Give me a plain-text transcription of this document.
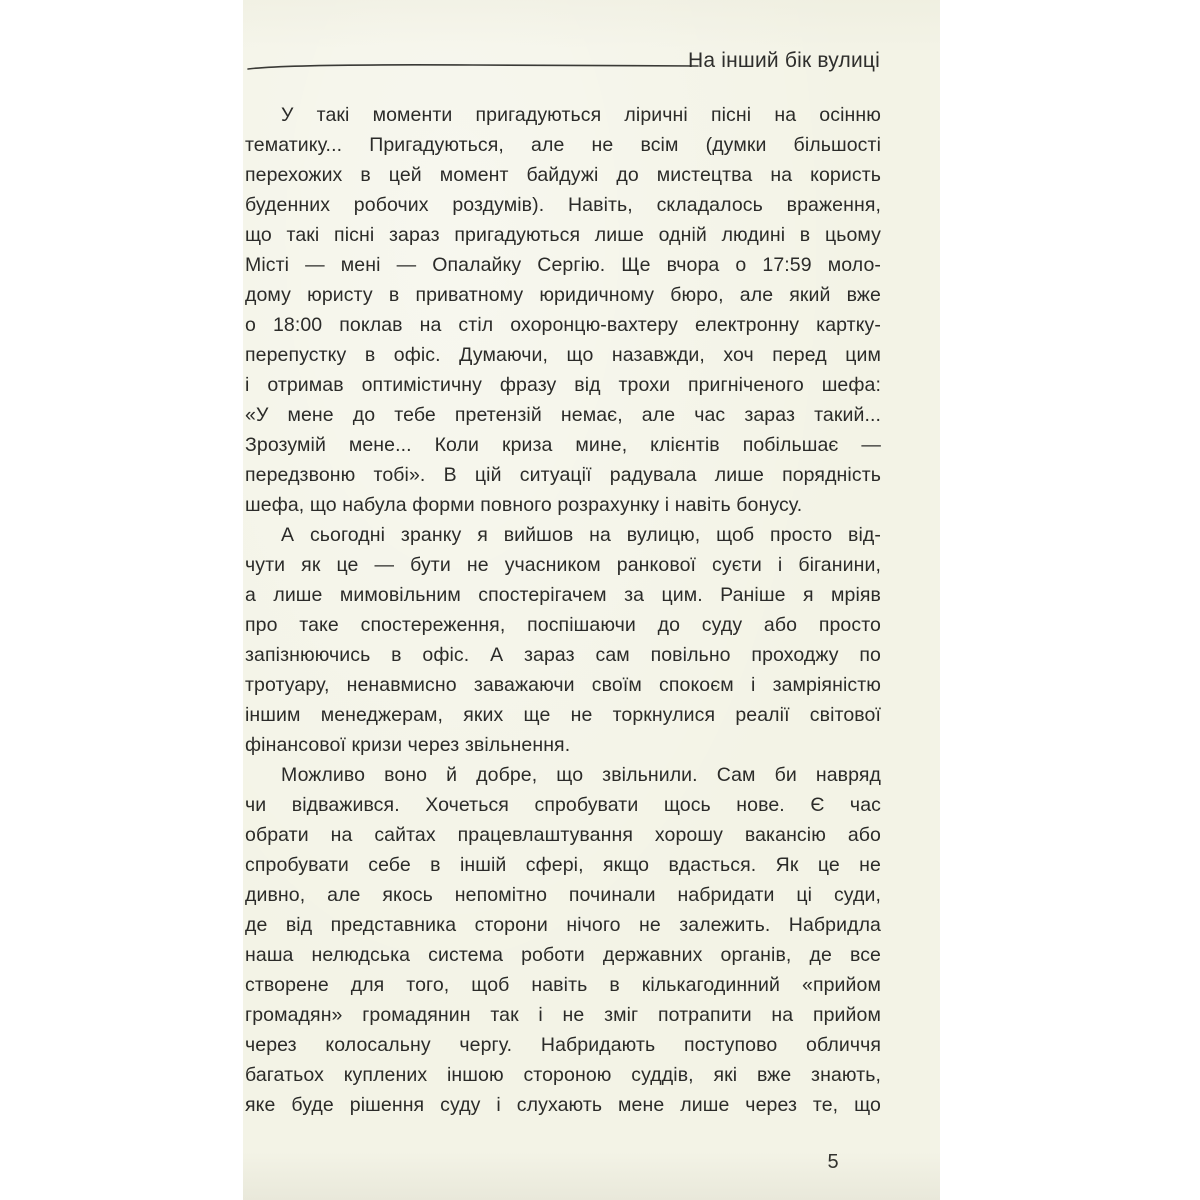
На інший бік вулиці
У такі моменти пригадуються ліричні пісні на осінню
тематику... Пригадуються, але не всім (думки більшості
перехожих в цей момент байдужі до мистецтва на користь
буденних робочих роздумів). Навіть, складалось враження,
що такі пісні зараз пригадуються лише одній людині в цьому
Місті — мені — Опалайку Сергію. Ще вчора о 17:59 моло-
дому юристу в приватному юридичному бюро, але який вже
о 18:00 поклав на стіл охоронцю-вахтеру електронну картку-
перепустку в офіс. Думаючи, що назавжди, хоч перед цим
і отримав оптимістичну фразу від трохи пригніченого шефа:
«У мене до тебе претензій немає, але час зараз такий...
Зрозумій мене... Коли криза мине, клієнтів побільшає —
передзвоню тобі». В цій ситуації радувала лише порядність
шефа, що набула форми повного розрахунку і навіть бонусу.
А сьогодні зранку я вийшов на вулицю, щоб просто від-
чути як це — бути не учасником ранкової суєти і біганини,
а лише мимовільним спостерігачем за цим. Раніше я мріяв
про таке спостереження, поспішаючи до суду або просто
запізнюючись в офіс. А зараз сам повільно проходжу по
тротуару, ненавмисно заважаючи своїм спокоєм і замріяністю
іншим менеджерам, яких ще не торкнулися реалії світової
фінансової кризи через звільнення.
Можливо воно й добре, що звільнили. Сам би навряд
чи відважився. Хочеться спробувати щось нове. Є час
обрати на сайтах працевлаштування хорошу вакансію або
спробувати себе в іншій сфері, якщо вдасться. Як це не
дивно, але якось непомітно починали набридати ці суди,
де від представника сторони нічого не залежить. Набридла
наша нелюдська система роботи державних органів, де все
створене для того, щоб навіть в кількагодинний «прийом
громадян» громадянин так і не зміг потрапити на прийом
через колосальну чергу. Набридають поступово обличчя
багатьох куплених іншою стороною суддів, які вже знають,
яке буде рішення суду і слухають мене лише через те, що
5
